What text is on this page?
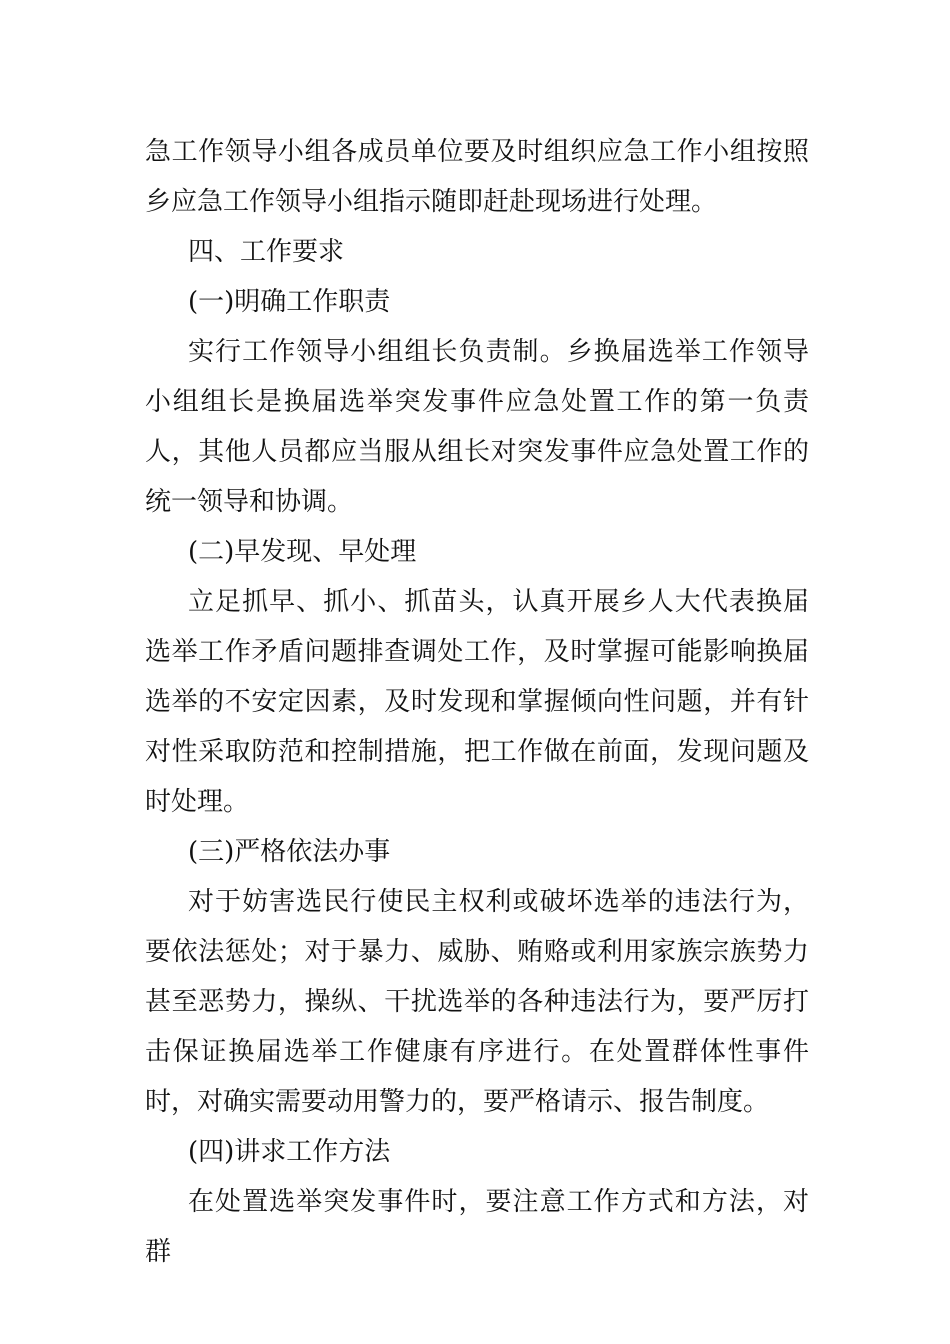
急工作领导小组各成员单位要及时组织应急工作小组按照乡应急工作领导小组指示随即赶赴现场进行处理。

四、工作要求

(一)明确工作职责

实行工作领导小组组长负责制。乡换届选举工作领导小组组长是换届选举突发事件应急处置工作的第一负责人，其他人员都应当服从组长对突发事件应急处置工作的统一领导和协调。

(二)早发现、早处理

立足抓早、抓小、抓苗头，认真开展乡人大代表换届选举工作矛盾问题排查调处工作，及时掌握可能影响换届选举的不安定因素，及时发现和掌握倾向性问题，并有针对性采取防范和控制措施，把工作做在前面，发现问题及时处理。

(三)严格依法办事

对于妨害选民行使民主权利或破坏选举的违法行为，要依法惩处；对于暴力、威胁、贿赂或利用家族宗族势力甚至恶势力，操纵、干扰选举的各种违法行为，要严厉打击保证换届选举工作健康有序进行。在处置群体性事件时，对确实需要动用警力的，要严格请示、报告制度。

(四)讲求工作方法

在处置选举突发事件时，要注意工作方式和方法，对群
